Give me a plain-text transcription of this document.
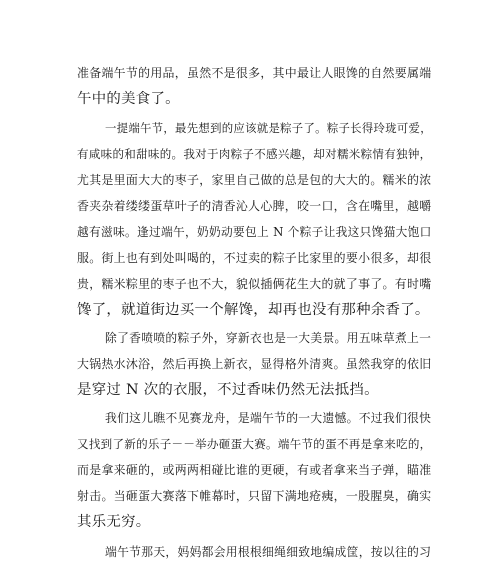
准备端午节的用品，虽然不是很多，其中最让人眼馋的自然要属端
午中的美食了。
一提端午节，最先想到的应该就是粽子了。粽子长得玲珑可爱，
有咸味的和甜味的。我对于肉粽子不感兴趣，却对糯米粽情有独钟，
尤其是里面大大的枣子，家里自己做的总是包的大大的。糯米的浓
香夹杂着缕缕蛋草叶子的清香沁人心脾，咬一口，含在嘴里，越嚼
越有滋味。逢过端午，奶奶动要包上 N 个粽子让我这只馋猫大饱口
服。街上也有到处叫喝的，不过卖的粽子比家里的要小很多，却很
贵，糯米粽里的枣子也不大，貌似插俩花生大的就了事了。有时嘴
馋了，就道街边买一个解馋，却再也没有那种余香了。
除了香喷喷的粽子外，穿新衣也是一大美景。用五味草煮上一
大锅热水沐浴，然后再换上新衣，显得格外清爽。虽然我穿的依旧
是穿过 N 次的衣服，不过香味仍然无法抵挡。
我们这儿瞧不见赛龙舟，是端午节的一大遗憾。不过我们很快
又找到了新的乐子－－举办砸蛋大赛。端午节的蛋不再是拿来吃的，
而是拿来砸的，或两两相碰比谁的更硬，有或者拿来当子弹，瞄准
射击。当砸蛋大赛落下帷幕时，只留下满地疮痍，一股腥臭，确实
其乐无穷。
端午节那天，妈妈都会用根根细绳细致地编成筐，按以往的习
